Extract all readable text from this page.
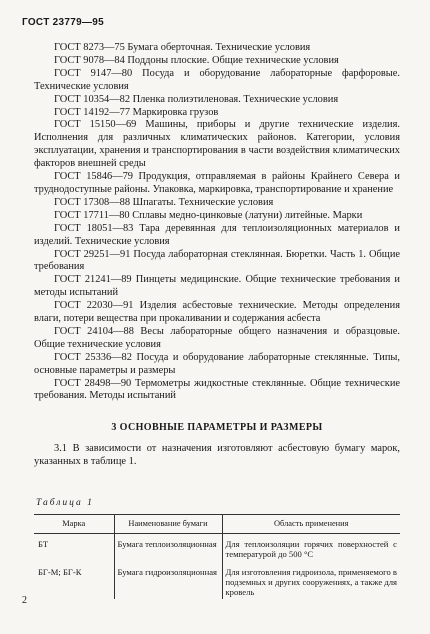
ГОСТ 23779—95

ГОСТ 8273—75 Бумага оберточная. Технические условия

ГОСТ 9078—84 Поддоны плоские. Общие технические условия

ГОСТ 9147—80 Посуда и оборудование лабораторные фарфоровые. Технические условия

ГОСТ 10354—82 Пленка полиэтиленовая. Технические условия

ГОСТ 14192—77 Маркировка грузов

ГОСТ 15150—69 Машины, приборы и другие технические изделия. Исполнения для различных климатических районов. Категории, условия эксплуатации, хранения и транспортирования в части воздействия климатических факторов внешней среды

ГОСТ 15846—79 Продукция, отправляемая в районы Крайнего Севера и труднодоступные районы. Упаковка, маркировка, транспортирование и хранение

ГОСТ 17308—88 Шпагаты. Технические условия

ГОСТ 17711—80 Сплавы медно-цинковые (латуни) литейные. Марки

ГОСТ 18051—83 Тара деревянная для теплоизоляционных материалов и изделий. Технические условия

ГОСТ 29251—91 Посуда лабораторная стеклянная. Бюретки. Часть 1. Общие требования

ГОСТ 21241—89 Пинцеты медицинские. Общие технические требования и методы испытаний

ГОСТ 22030—91 Изделия асбестовые технические. Методы определения влаги, потери вещества при прокаливании и содержания асбеста

ГОСТ 24104—88 Весы лабораторные общего назначения и образцовые. Общие технические условия

ГОСТ 25336—82 Посуда и оборудование лабораторные стеклянные. Типы, основные параметры и размеры

ГОСТ 28498—90 Термометры жидкостные стеклянные. Общие технические требования. Методы испытаний

3 ОСНОВНЫЕ ПАРАМЕТРЫ И РАЗМЕРЫ

3.1 В зависимости от назначения изготовляют асбестовую бумагу марок, указанных в таблице 1.

Таблица 1
Марка	Наименование бумаги	Область применения
БТ	Бумага теплоизоляционная	Для теплоизоляции горячих поверхностей с температурой до 500 °С
БГ-М; БГ-К	Бумага гидроизоляционная	Для изготовления гидроизола, применяемого в подземных и других сооружениях, а также для кровель
2
